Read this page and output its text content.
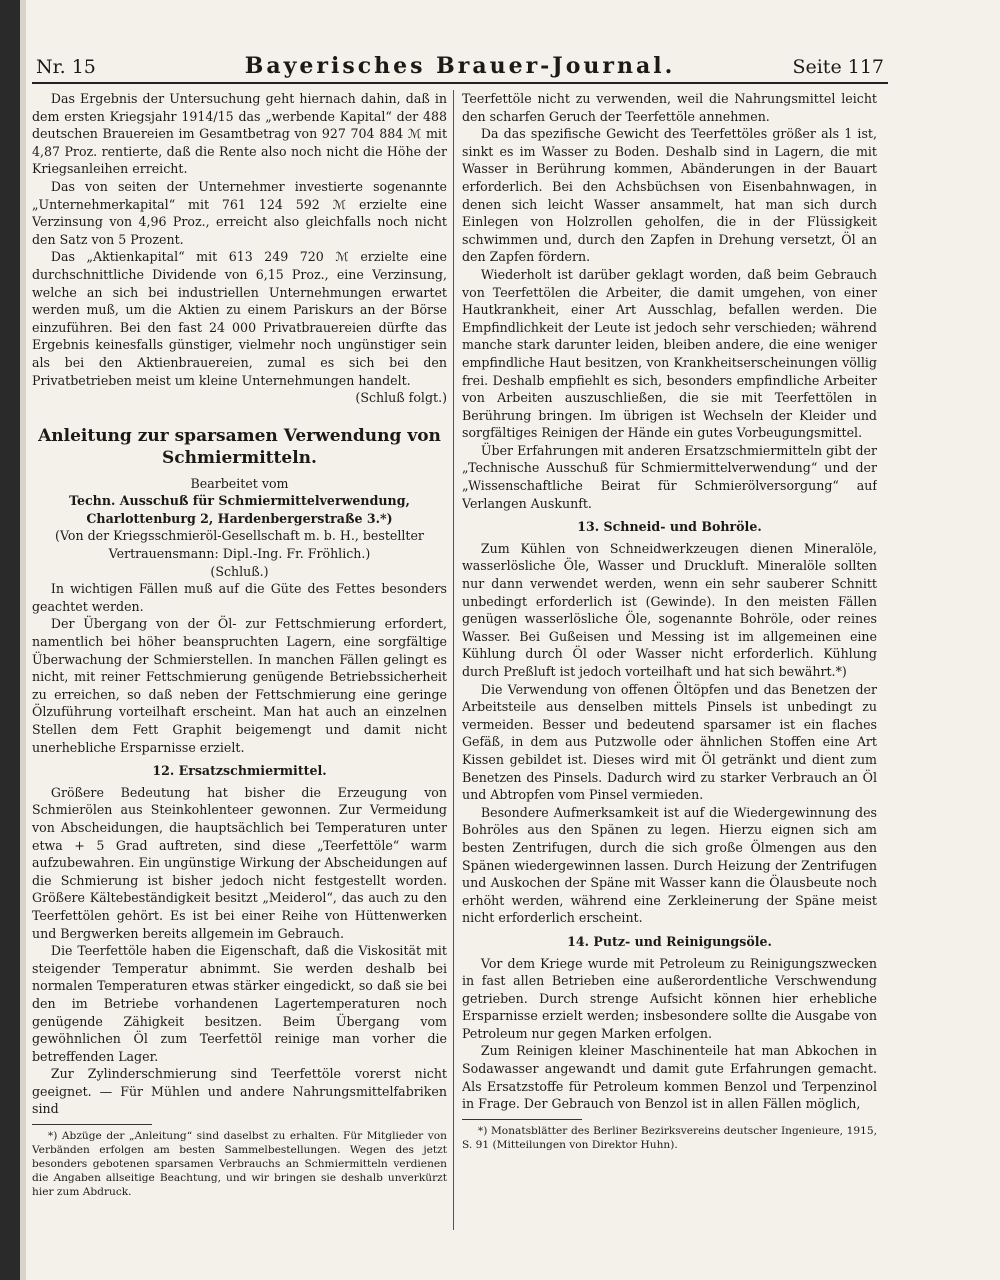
Nr. 15	Bayerisches Brauer-Journal.	Seite 117

Das Ergebnis der Untersuchung geht hiernach dahin, daß in dem ersten Kriegsjahr 1914/15 das „werbende Kapital“ der 488 deutschen Brauereien im Gesamtbetrag von 927 704 884 ℳ mit 4,87 Proz. rentierte, daß die Rente also noch nicht die Höhe der Kriegsanleihen erreicht.

Das von seiten der Unternehmer investierte sogenannte „Unternehmerkapital“ mit 761 124 592 ℳ erzielte eine Verzinsung von 4,96 Proz., erreicht also gleichfalls noch nicht den Satz von 5 Prozent.

Das „Aktienkapital“ mit 613 249 720 ℳ erzielte eine durchschnittliche Dividende von 6,15 Proz., eine Verzinsung, welche an sich bei industriellen Unternehmungen erwartet werden muß, um die Aktien zu einem Pariskurs an der Börse einzuführen. Bei den fast 24 000 Privatbrauereien dürfte das Ergebnis keinesfalls günstiger, vielmehr noch ungünstiger sein als bei den Aktienbrauereien, zumal es sich bei den Privatbetrieben meist um kleine Unternehmungen handelt.

(Schluß folgt.)

Anleitung zur sparsamen Verwendung von Schmiermitteln.

Bearbeitet vom

Techn. Ausschuß für Schmiermittelverwendung, Charlottenburg 2, Hardenbergerstraße 3.*)

(Von der Kriegsschmieröl-Gesellschaft m. b. H., bestellter Vertrauensmann: Dipl.-Ing. Fr. Fröhlich.)

(Schluß.)

In wichtigen Fällen muß auf die Güte des Fettes besonders geachtet werden.

Der Übergang von der Öl- zur Fettschmierung erfordert, namentlich bei höher beanspruchten Lagern, eine sorgfältige Überwachung der Schmierstellen. In manchen Fällen gelingt es nicht, mit reiner Fettschmierung genügende Betriebssicherheit zu erreichen, so daß neben der Fettschmierung eine geringe Ölzuführung vorteilhaft erscheint. Man hat auch an einzelnen Stellen dem Fett Graphit beigemengt und damit nicht unerhebliche Ersparnisse erzielt.

12. Ersatzschmiermittel.

Größere Bedeutung hat bisher die Erzeugung von Schmierölen aus Steinkohlenteer gewonnen. Zur Vermeidung von Abscheidungen, die hauptsächlich bei Temperaturen unter etwa + 5 Grad auftreten, sind diese „Teerfettöle“ warm aufzubewahren. Ein ungünstige Wirkung der Abscheidungen auf die Schmierung ist bisher jedoch nicht festgestellt worden. Größere Kältebeständigkeit besitzt „Meiderol“, das auch zu den Teerfettölen gehört. Es ist bei einer Reihe von Hüttenwerken und Bergwerken bereits allgemein im Gebrauch.

Die Teerfettöle haben die Eigenschaft, daß die Viskosität mit steigender Temperatur abnimmt. Sie werden deshalb bei normalen Temperaturen etwas stärker eingedickt, so daß sie bei den im Betriebe vorhandenen Lagertemperaturen noch genügende Zähigkeit besitzen. Beim Übergang vom gewöhnlichen Öl zum Teerfettöl reinige man vorher die betreffenden Lager.

Zur Zylinderschmierung sind Teerfettöle vorerst nicht geeignet. — Für Mühlen und andere Nahrungsmittelfabriken sind

*) Abzüge der „Anleitung“ sind daselbst zu erhalten. Für Mitglieder von Verbänden erfolgen am besten Sammelbestellungen. Wegen des jetzt besonders gebotenen sparsamen Verbrauchs an Schmiermitteln verdienen die Angaben allseitige Beachtung, und wir bringen sie deshalb unverkürzt hier zum Abdruck.

Teerfettöle nicht zu verwenden, weil die Nahrungsmittel leicht den scharfen Geruch der Teerfettöle annehmen.

Da das spezifische Gewicht des Teerfettöles größer als 1 ist, sinkt es im Wasser zu Boden. Deshalb sind in Lagern, die mit Wasser in Berührung kommen, Abänderungen in der Bauart erforderlich. Bei den Achsbüchsen von Eisenbahnwagen, in denen sich leicht Wasser ansammelt, hat man sich durch Einlegen von Holzrollen geholfen, die in der Flüssigkeit schwimmen und, durch den Zapfen in Drehung versetzt, Öl an den Zapfen fördern.

Wiederholt ist darüber geklagt worden, daß beim Gebrauch von Teerfettölen die Arbeiter, die damit umgehen, von einer Hautkrankheit, einer Art Ausschlag, befallen werden. Die Empfindlichkeit der Leute ist jedoch sehr verschieden; während manche stark darunter leiden, bleiben andere, die eine weniger empfindliche Haut besitzen, von Krankheitserscheinungen völlig frei. Deshalb empfiehlt es sich, besonders empfindliche Arbeiter von Arbeiten auszuschließen, die sie mit Teerfettölen in Berührung bringen. Im übrigen ist Wechseln der Kleider und sorgfältiges Reinigen der Hände ein gutes Vorbeugungsmittel.

Über Erfahrungen mit anderen Ersatzschmiermitteln gibt der „Technische Ausschuß für Schmiermittelverwendung“ und der „Wissenschaftliche Beirat für Schmierölversorgung“ auf Verlangen Auskunft.

13. Schneid- und Bohröle.

Zum Kühlen von Schneidwerkzeugen dienen Mineralöle, wasserlösliche Öle, Wasser und Druckluft. Mineralöle sollten nur dann verwendet werden, wenn ein sehr sauberer Schnitt unbedingt erforderlich ist (Gewinde). In den meisten Fällen genügen wasserlösliche Öle, sogenannte Bohröle, oder reines Wasser. Bei Gußeisen und Messing ist im allgemeinen eine Kühlung durch Öl oder Wasser nicht erforderlich. Kühlung durch Preßluft ist jedoch vorteilhaft und hat sich bewährt.*)

Die Verwendung von offenen Öltöpfen und das Benetzen der Arbeitsteile aus denselben mittels Pinsels ist unbedingt zu vermeiden. Besser und bedeutend sparsamer ist ein flaches Gefäß, in dem aus Putzwolle oder ähnlichen Stoffen eine Art Kissen gebildet ist. Dieses wird mit Öl getränkt und dient zum Benetzen des Pinsels. Dadurch wird zu starker Verbrauch an Öl und Abtropfen vom Pinsel vermieden.

Besondere Aufmerksamkeit ist auf die Wiedergewinnung des Bohröles aus den Spänen zu legen. Hierzu eignen sich am besten Zentrifugen, durch die sich große Ölmengen aus den Spänen wiedergewinnen lassen. Durch Heizung der Zentrifugen und Auskochen der Späne mit Wasser kann die Ölausbeute noch erhöht werden, während eine Zerkleinerung der Späne meist nicht erforderlich erscheint.

14. Putz- und Reinigungsöle.

Vor dem Kriege wurde mit Petroleum zu Reinigungszwecken in fast allen Betrieben eine außerordentliche Verschwendung getrieben. Durch strenge Aufsicht können hier erhebliche Ersparnisse erzielt werden; insbesondere sollte die Ausgabe von Petroleum nur gegen Marken erfolgen.

Zum Reinigen kleiner Maschinenteile hat man Abkochen in Sodawasser angewandt und damit gute Erfahrungen gemacht. Als Ersatzstoffe für Petroleum kommen Benzol und Terpenzinol in Frage. Der Gebrauch von Benzol ist in allen Fällen möglich,

*) Monatsblätter des Berliner Bezirksvereins deutscher Ingenieure, 1915, S. 91 (Mitteilungen von Direktor Huhn).
